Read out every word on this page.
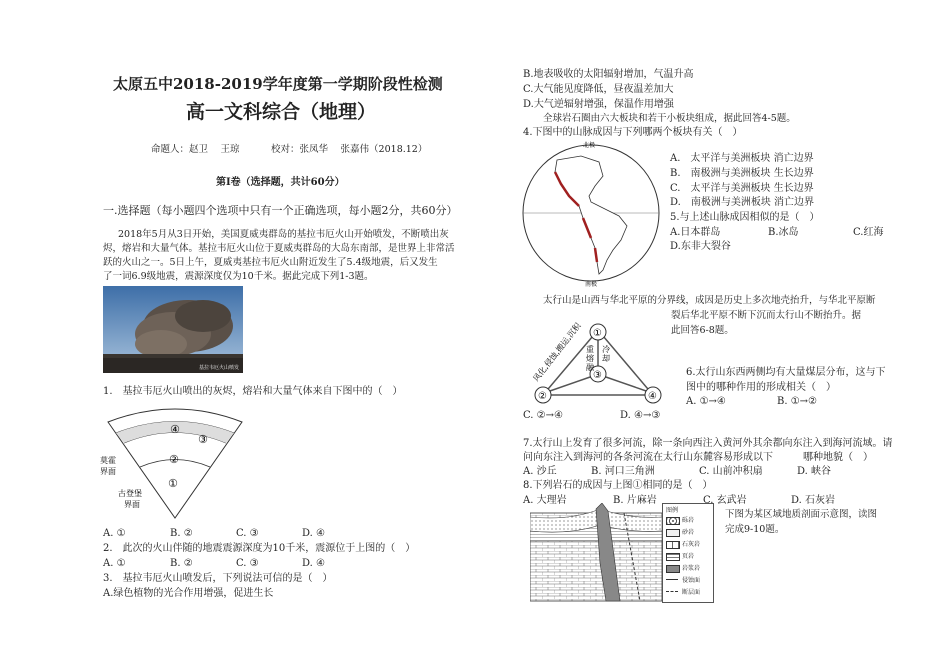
太原五中2018-2019学年度第一学期阶段性检测
高一文科综合（地理）
命题人：赵卫　 王琼　　　 校对：张凤华　 张嘉伟（2018.12）
第Ⅰ卷（选择题，共计60分）
一.选择题（每小题四个选项中只有一个正确选项，每小题2分，共60分）
2018年5月从3日开始，美国夏威夷群岛的基拉韦厄火山开始喷发，不断喷出灰
烬，熔岩和大量气体。基拉韦厄火山位于夏威夷群岛的大岛东南部，是世界上非常活
跃的火山之一。5日上午，夏威夷基拉韦厄火山附近发生了5.4级地震，后又发生
了一词6.9级地震，震源深度仅为10千米。据此完成下列1-3题。
基拉韦厄火山喷发
1.　基拉韦厄火山喷出的灰烬，熔岩和大量气体来自下图中的（　）
④
③
②
①
莫霍
界面
古登堡
界面
A. ①	B. ②	C. ③	D. ④
2.　此次的火山伴随的地震震源深度为10千米，震源位于上图的（　）
A. ①	B. ②	C. ③	D. ④
3.　基拉韦厄火山喷发后，下列说法可信的是（　）
A.绿色植物的光合作用增强，促进生长
B.地表吸收的太阳辐射增加，气温升高
C.大气能见度降低，昼夜温差加大
D.大气逆辐射增强，保温作用增强
全球岩石圈由六大板块和若干小板块组成，据此回答4-5题。
4.下图中的山脉成因与下列哪两个板块有关（　）
北极
南极
A.　太平洋与美洲板块 消亡边界
B.　南极洲与美洲板块 生长边界
C.　太平洋与美洲板块 生长边界
D.　南极洲与美洲板块 消亡边界
5.与上述山脉成因相似的是（　）
A.日本群岛	B.冰岛	C.红海
D.东非大裂谷
太行山是山西与华北平原的分界线，成因是历史上多次地壳抬升，与华北平原断
裂后华北平原不断下沉而太行山不断抬升。据
此回答6-8题。
①
②
③
④
风化,侵蚀,搬运,沉积 重
熔
融
冷
却
6.太行山东西两侧均有大量煤层分布，这与下
图中的哪种作用的形成相关（　）
A. ①→④	B. ①→②
C. ②→④	D. ④→③
7.太行山上发育了很多河流，除一条向西注入黄河外其余都向东注入到海河流域。请
问向东注入到海河的各条河流在太行山东麓容易形成以下　　　哪种地貌（　）
A. 沙丘	B. 河口三角洲	C. 山前冲积扇	D. 峡谷
8.下列岩石的成因与上图①相同的是（　）
A. 大理岩	B. 片麻岩	C. 玄武岩	D. 石灰岩
图例
砾岩
砂岩
石灰岩
页岩
岩浆岩
侵蚀面
断层面
下图为某区域地质剖面示意图，读图
完成9-10题。
